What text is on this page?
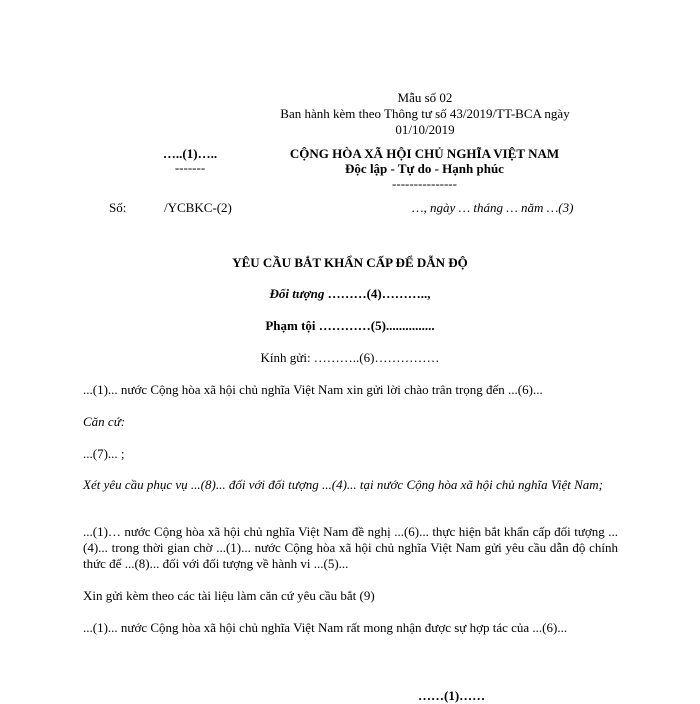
Mẫu số 02
Ban hành kèm theo Thông tư số 43/2019/TT-BCA ngày
01/10/2019
…..(1)…..
-------
CỘNG HÒA XÃ HỘI CHỦ NGHĨA VIỆT NAM
Độc lập - Tự do - Hạnh phúc
---------------
Số:	/YCBKC-(2)	…, ngày … tháng … năm …(3)
YÊU CẦU BẮT KHẨN CẤP ĐỂ DẪN ĐỘ
Đối tượng ………(4)………..,
Phạm tội …………(5)...............
Kính gửi: ………..(6)……………
...(1)... nước Cộng hòa xã hội chủ nghĩa Việt Nam xin gửi lời chào trân trọng đến ...(6)...
Căn cứ:
...(7)... ;
Xét yêu cầu phục vụ ...(8)... đối với đối tượng ...(4)... tại nước Cộng hòa xã hội chủ nghĩa Việt Nam;
...(1)… nước Cộng hòa xã hội chủ nghĩa Việt Nam đề nghị ...(6)... thực hiện bắt khẩn cấp đối tượng ...(4)... trong thời gian chờ ...(1)... nước Cộng hòa xã hội chủ nghĩa Việt Nam gửi yêu cầu dẫn độ chính thức để ...(8)... đối với đối tượng về hành vi ...(5)...
Xin gửi kèm theo các tài liệu làm căn cứ yêu cầu bắt (9)
...(1)... nước Cộng hòa xã hội chủ nghĩa Việt Nam rất mong nhận được sự hợp tác của ...(6)...
……(1)……
